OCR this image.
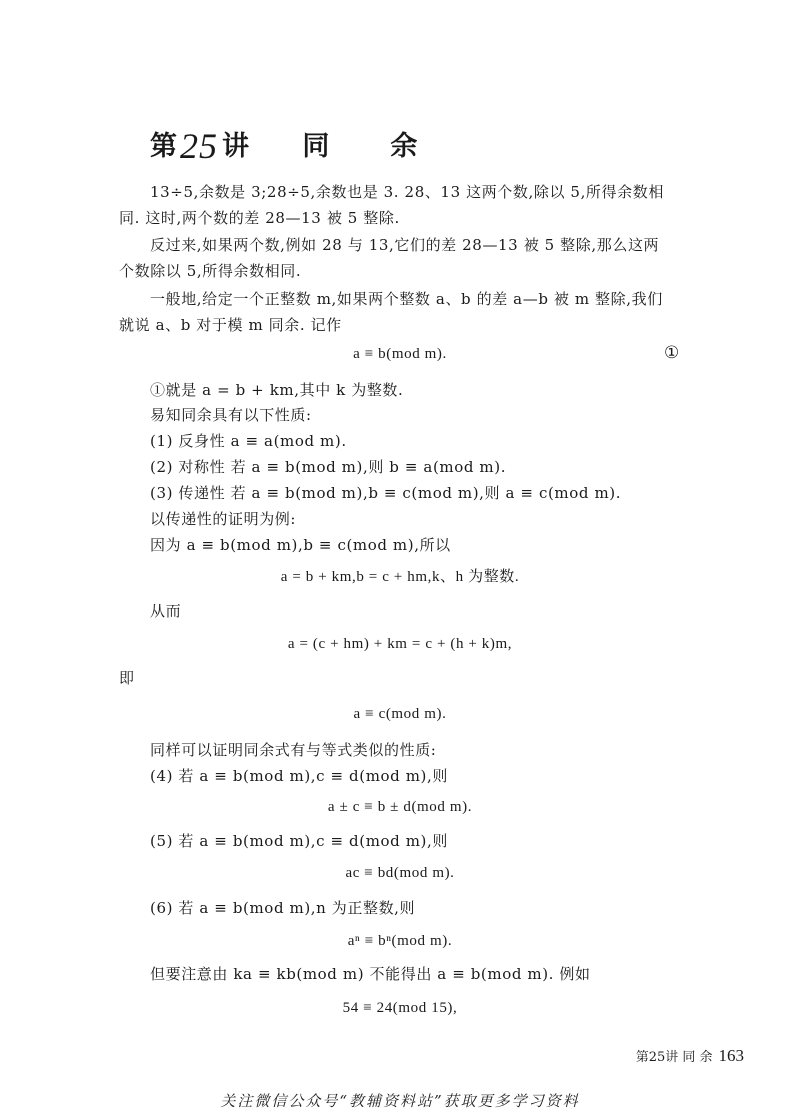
第25 讲 同 余
13÷5,余数是 3;28÷5,余数也是 3. 28、13 这两个数,除以 5,所得余数相
同. 这时,两个数的差 28—13 被 5 整除.
反过来,如果两个数,例如 28 与 13,它们的差 28—13 被 5 整除,那么这两
个数除以 5,所得余数相同.
一般地,给定一个正整数 m,如果两个整数 a、b 的差 a—b 被 m 整除,我们
就说 a、b 对于模 m 同余. 记作
a ≡ b(mod m).	①
①就是 a = b + km,其中 k 为整数.
易知同余具有以下性质:
(1) 反身性 a ≡ a(mod m).
(2) 对称性 若 a ≡ b(mod m),则 b ≡ a(mod m).
(3) 传递性 若 a ≡ b(mod m),b ≡ c(mod m),则 a ≡ c(mod m).
以传递性的证明为例:
因为 a ≡ b(mod m),b ≡ c(mod m),所以
a = b + km,b = c + hm,k、h 为整数.
从而
a = (c + hm) + km = c + (h + k)m,
即
a ≡ c(mod m).
同样可以证明同余式有与等式类似的性质:
(4) 若 a ≡ b(mod m),c ≡ d(mod m),则
a ± c ≡ b ± d(mod m).
(5) 若 a ≡ b(mod m),c ≡ d(mod m),则
ac ≡ bd(mod m).
(6) 若 a ≡ b(mod m),n 为正整数,则
aⁿ ≡ bⁿ(mod m).
但要注意由 ka ≡ kb(mod m) 不能得出 a ≡ b(mod m). 例如
54 ≡ 24(mod 15),
第25讲 同 余 163
关注微信公众号“教辅资料站”获取更多学习资料
